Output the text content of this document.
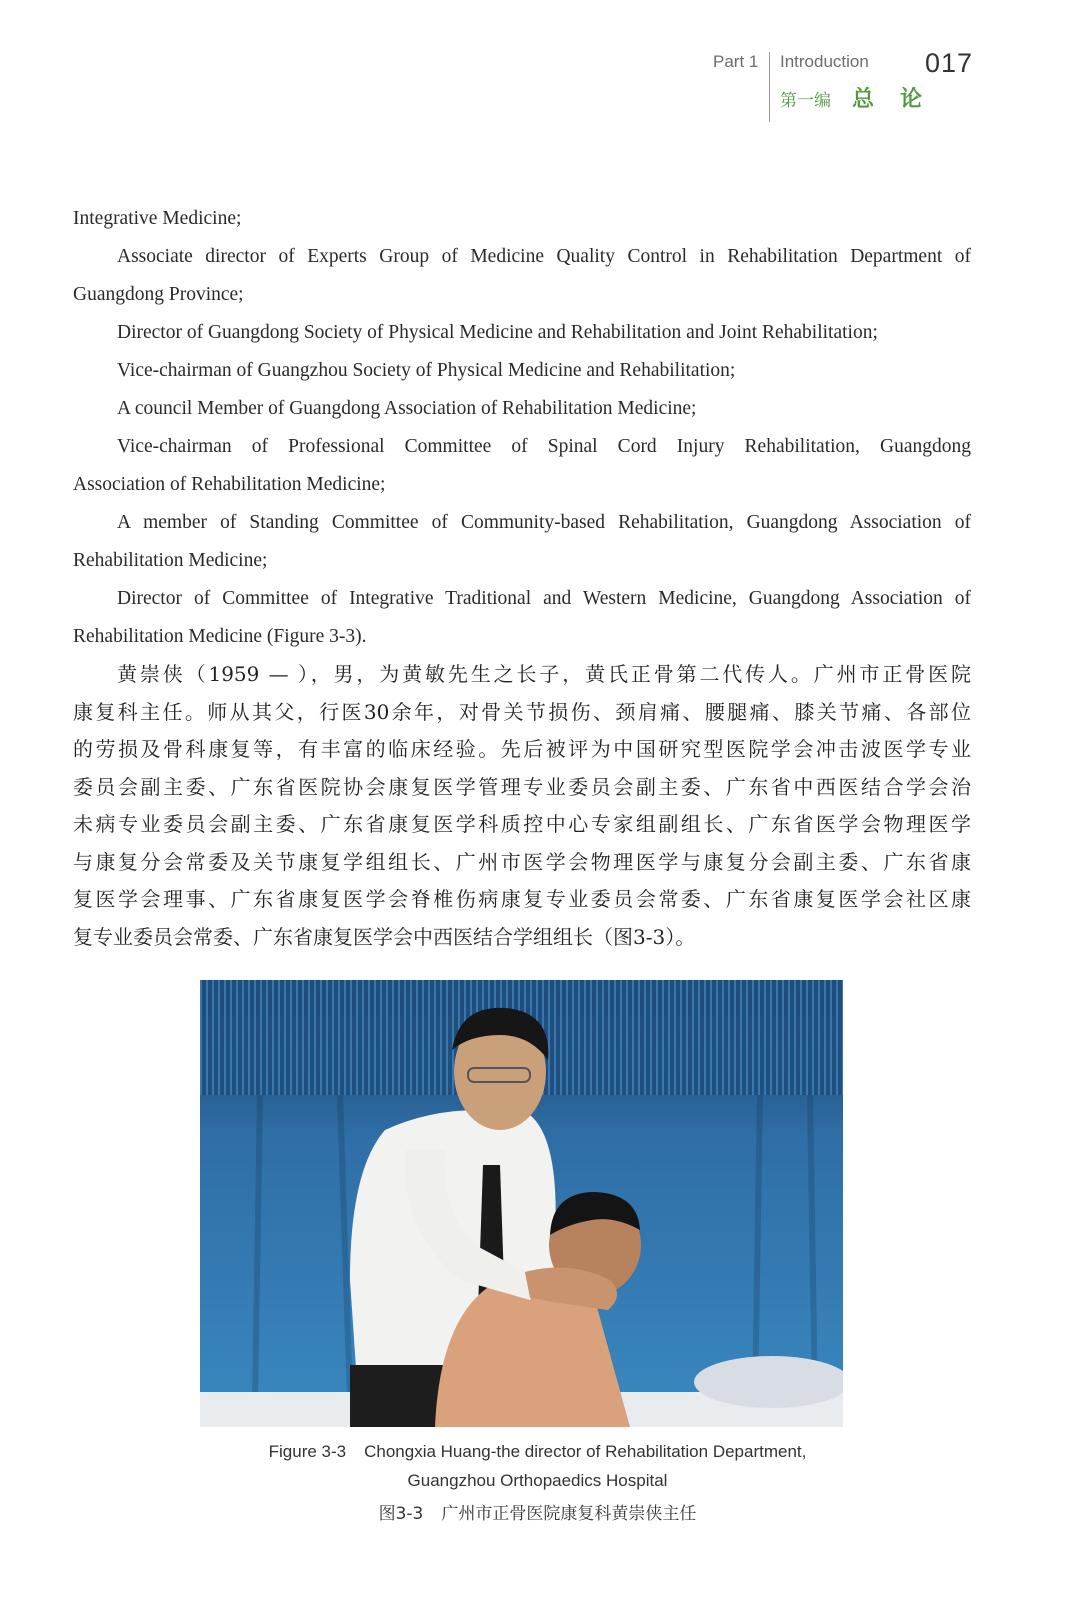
Part 1 Introduction 017
第一编 总论
Integrative Medicine;
Associate director of Experts Group of Medicine Quality Control in Rehabilitation Department of
Guangdong Province;
Director of Guangdong Society of Physical Medicine and Rehabilitation and Joint Rehabilitation;
Vice-chairman of Guangzhou Society of Physical Medicine and Rehabilitation;
A council Member of Guangdong Association of Rehabilitation Medicine;
Vice-chairman of Professional Committee of Spinal Cord Injury Rehabilitation, Guangdong
Association of Rehabilitation Medicine;
A member of Standing Committee of Community-based Rehabilitation, Guangdong Association of
Rehabilitation Medicine;
Director of Committee of Integrative Traditional and Western Medicine, Guangdong Association of
Rehabilitation Medicine (Figure 3-3).
黄崇侠（1959 — ），男，为黄敏先生之长子，黄氏正骨第二代传人。广州市正骨医院
康复科主任。师从其父，行医30余年，对骨关节损伤、颈肩痛、腰腿痛、膝关节痛、各部位
的劳损及骨科康复等，有丰富的临床经验。先后被评为中国研究型医院学会冲击波医学专业
委员会副主委、广东省医院协会康复医学管理专业委员会副主委、广东省中西医结合学会治
未病专业委员会副主委、广东省康复医学科质控中心专家组副组长、广东省医学会物理医学
与康复分会常委及关节康复学组组长、广州市医学会物理医学与康复分会副主委、广东省康
复医学会理事、广东省康复医学会脊椎伤病康复专业委员会常委、广东省康复医学会社区康
复专业委员会常委、广东省康复医学会中西医结合学组组长（图3-3）。
Figure 3-3 Chongxia Huang-the director of Rehabilitation Department,
Guangzhou Orthopaedics Hospital
图3-3 广州市正骨医院康复科黄崇侠主任
